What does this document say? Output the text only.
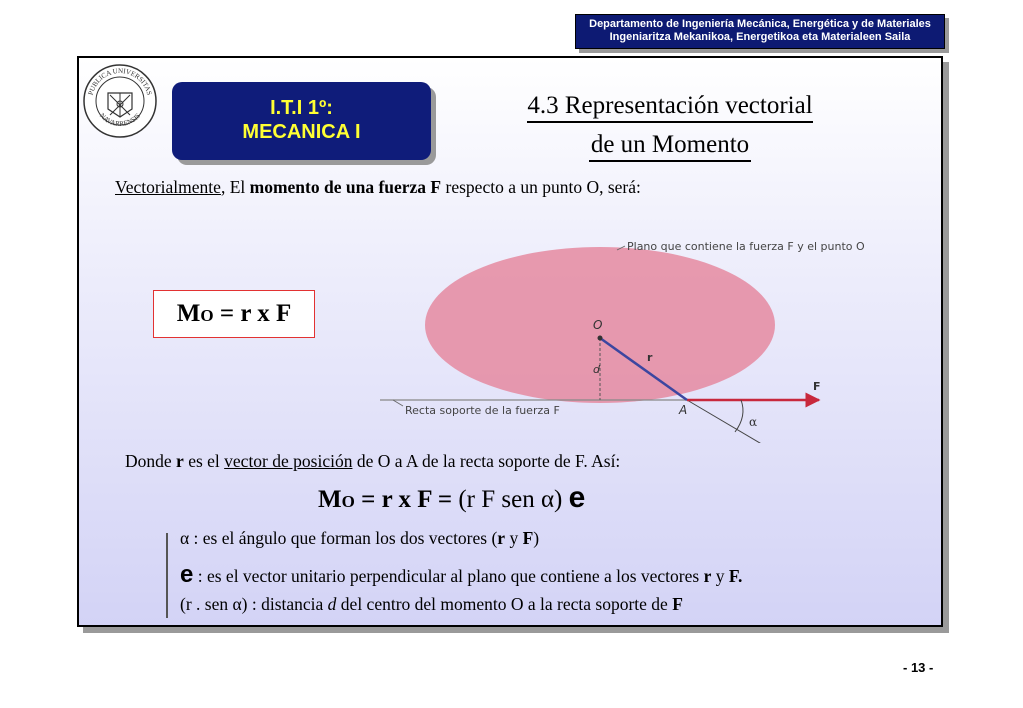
Departamento de Ingeniería Mecánica, Energética y de Materiales
Ingeniaritza Mekanikoa, Energetikoa eta Materialeen Saila
PUBLICA UNIVERSITAS
NAVARRENSIS	I.T.I 1º:
MECANICA I
4.3 Representación vectorial
de un Momento
Vectorialmente, El momento de una fuerza F respecto a un punto O, será:
MO = r x F	O
A
r
d
F
α
Plano que contiene la fuerza F y el punto O
Recta soporte de la fuerza F
Donde r es el vector de posición de O a A de la recta soporte de F. Así:
MO = r x F = (r F sen α) e
α : es el ángulo que forman los dos vectores (r y F)
e : es el vector unitario perpendicular al plano que contiene a los vectores r y F.
(r . sen α) : distancia d del centro del momento O a la recta soporte de F
- 13 -
